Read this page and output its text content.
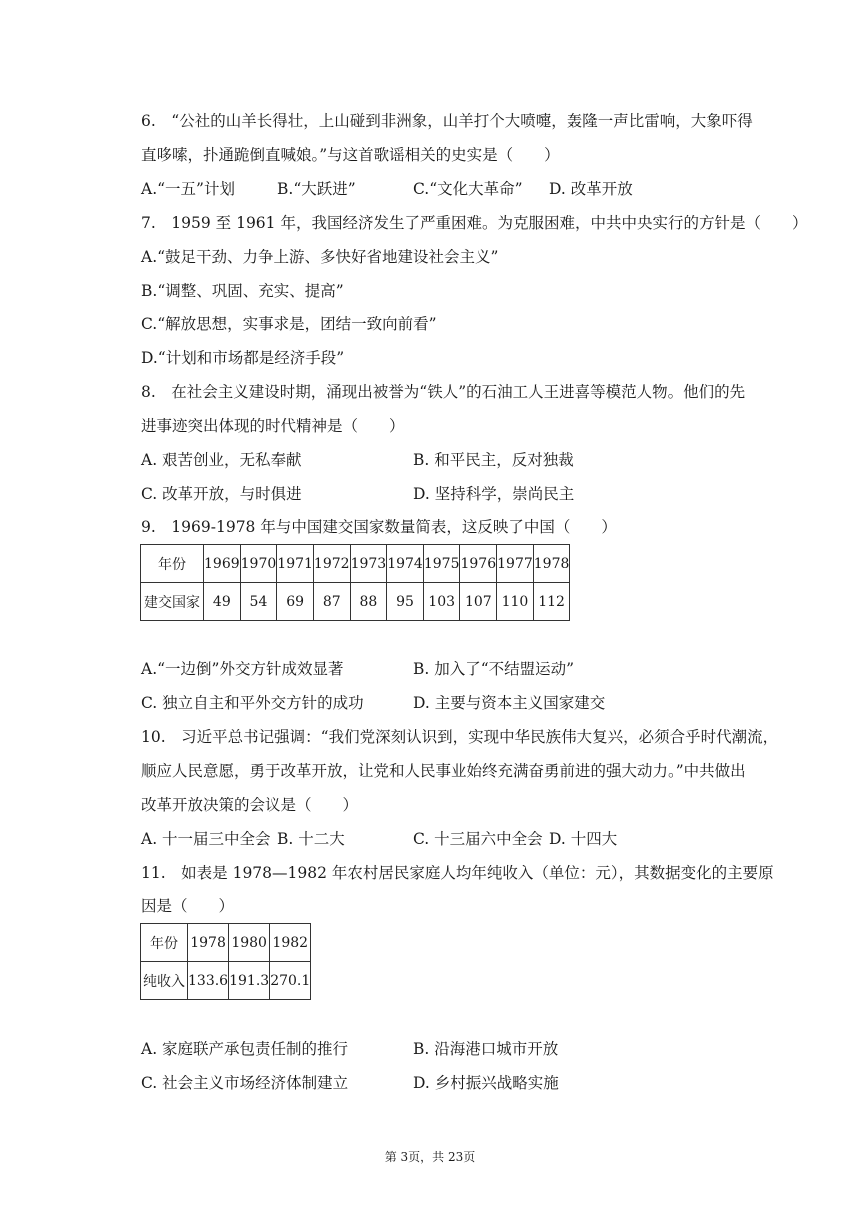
6.　“公社的山羊长得壮，上山碰到非洲象，山羊打个大喷嚏，轰隆一声比雷响，大象吓得
直哆嗦，扑通跪倒直喊娘。”与这首歌谣相关的史实是（　　）
A.“一五”计划	B.“大跃进”	C.“文化大革命” D. 改革开放
7.　1959 至 1961 年，我国经济发生了严重困难。为克服困难，中共中央实行的方针是（　　）
A.“鼓足干劲、力争上游、多快好省地建设社会主义”
B.“调整、巩固、充实、提高”
C.“解放思想，实事求是，团结一致向前看”
D.“计划和市场都是经济手段”
8.　在社会主义建设时期，涌现出被誉为“铁人”的石油工人王进喜等模范人物。他们的先
进事迹突出体现的时代精神是（　　）
A. 艰苦创业，无私奉献	B. 和平民主，反对独裁
C. 改革开放，与时俱进	D. 坚持科学，崇尚民主
9.　1969-1978 年与中国建交国家数量简表，这反映了中国（　　）
年份	1969	1970	1971	1972	1973	1974	1975	1976	1977	1978
建交国家	49	54	69	87	88	95	103	107	110	112
A.“一边倒”外交方针成效显著	B. 加入了“不结盟运动”
C. 独立自主和平外交方针的成功	D. 主要与资本主义国家建交
10.　习近平总书记强调：“我们党深刻认识到，实现中华民族伟大复兴，必须合乎时代潮流，
顺应人民意愿，勇于改革开放，让党和人民事业始终充满奋勇前进的强大动力。”中共做出
改革开放决策的会议是（　　）
A. 十一届三中全会 B. 十二大	C. 十三届六中全会 D. 十四大
11.　如表是 1978—1982 年农村居民家庭人均年纯收入（单位：元），其数据变化的主要原
因是（　　）
年份	1978	1980	1982
纯收入	133.6	191.3	270.1
A. 家庭联产承包责任制的推行	B. 沿海港口城市开放
C. 社会主义市场经济体制建立	D. 乡村振兴战略实施
第 3页，共 23页
